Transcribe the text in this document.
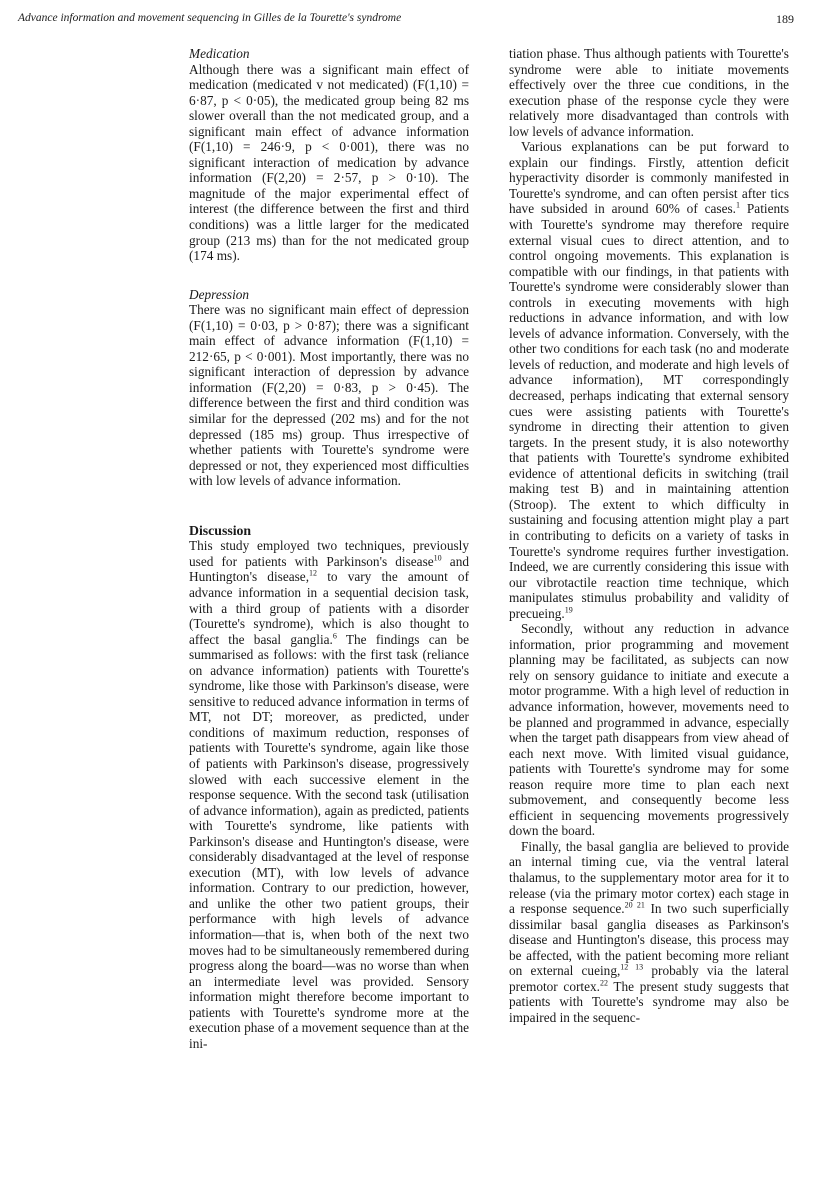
Advance information and movement sequencing in Gilles de la Tourette's syndrome	189
Medication

Although there was a significant main effect of medication (medicated v not medicated) (F(1,10) = 6·87, p < 0·05), the medicated group being 82 ms slower overall than the not medicated group, and a significant main effect of advance information (F(1,10) = 246·9, p < 0·001), there was no significant interaction of medication by advance information (F(2,20) = 2·57, p > 0·10). The magnitude of the major experimental effect of interest (the difference between the first and third conditions) was a little larger for the medicated group (213 ms) than for the not medicated group (174 ms).

Depression

There was no significant main effect of depression (F(1,10) = 0·03, p > 0·87); there was a significant main effect of advance information (F(1,10) = 212·65, p < 0·001). Most importantly, there was no significant interaction of depression by advance information (F(2,20) = 0·83, p > 0·45). The difference between the first and third condition was similar for the depressed (202 ms) and for the not depressed (185 ms) group. Thus irrespective of whether patients with Tourette's syndrome were depressed or not, they experienced most difficulties with low levels of advance information.

Discussion

This study employed two techniques, previously used for patients with Parkinson's disease$^{10}$ and Huntington's disease,$^{12}$ to vary the amount of advance information in a sequential decision task, with a third group of patients with a disorder (Tourette's syndrome), which is also thought to affect the basal ganglia.$^6$ The findings can be summarised as follows: with the first task (reliance on advance information) patients with Tourette's syndrome, like those with Parkinson's disease, were sensitive to reduced advance information in terms of MT, not DT; moreover, as predicted, under conditions of maximum reduction, responses of patients with Tourette's syndrome, again like those of patients with Parkinson's disease, progressively slowed with each successive element in the response sequence. With the second task (utilisation of advance information), again as predicted, patients with Tourette's syndrome, like patients with Parkinson's disease and Huntington's disease, were considerably disadvantaged at the level of response execution (MT), with low levels of advance information. Contrary to our prediction, however, and unlike the other two patient groups, their performance with high levels of advance information—that is, when both of the next two moves had to be simultaneously remembered during progress along the board—was no worse than when an intermediate level was provided. Sensory information might therefore become important to patients with Tourette's syndrome more at the execution phase of a movement sequence than at the ini-

tiation phase. Thus although patients with Tourette's syndrome were able to initiate movements effectively over the three cue conditions, in the execution phase of the response cycle they were relatively more disadvantaged than controls with low levels of advance information.

Various explanations can be put forward to explain our findings. Firstly, attention deficit hyperactivity disorder is commonly manifested in Tourette's syndrome, and can often persist after tics have subsided in around 60% of cases.$^1$ Patients with Tourette's syndrome may therefore require external visual cues to direct attention, and to control ongoing movements. This explanation is compatible with our findings, in that patients with Tourette's syndrome were considerably slower than controls in executing movements with high reductions in advance information, and with low levels of advance information. Conversely, with the other two conditions for each task (no and moderate levels of reduction, and moderate and high levels of advance information), MT correspondingly decreased, perhaps indicating that external sensory cues were assisting patients with Tourette's syndrome in directing their attention to given targets. In the present study, it is also noteworthy that patients with Tourette's syndrome exhibited evidence of attentional deficits in switching (trail making test B) and in maintaining attention (Stroop). The extent to which difficulty in sustaining and focusing attention might play a part in contributing to deficits on a variety of tasks in Tourette's syndrome requires further investigation. Indeed, we are currently considering this issue with our vibrotactile reaction time technique, which manipulates stimulus probability and validity of precueing.$^{19}$

Secondly, without any reduction in advance information, prior programming and movement planning may be facilitated, as subjects can now rely on sensory guidance to initiate and execute a motor programme. With a high level of reduction in advance information, however, movements need to be planned and programmed in advance, especially when the target path disappears from view ahead of each next move. With limited visual guidance, patients with Tourette's syndrome may for some reason require more time to plan each next submovement, and consequently become less efficient in sequencing movements progressively down the board.

Finally, the basal ganglia are believed to provide an internal timing cue, via the ventral lateral thalamus, to the supplementary motor area for it to release (via the primary motor cortex) each stage in a response sequence.$^{20 21}$ In two such superficially dissimilar basal ganglia diseases as Parkinson's disease and Huntington's disease, this process may be affected, with the patient becoming more reliant on external cueing,$^{12 13}$ probably via the lateral premotor cortex.$^{22}$ The present study suggests that patients with Tourette's syndrome may also be impaired in the sequenc-
